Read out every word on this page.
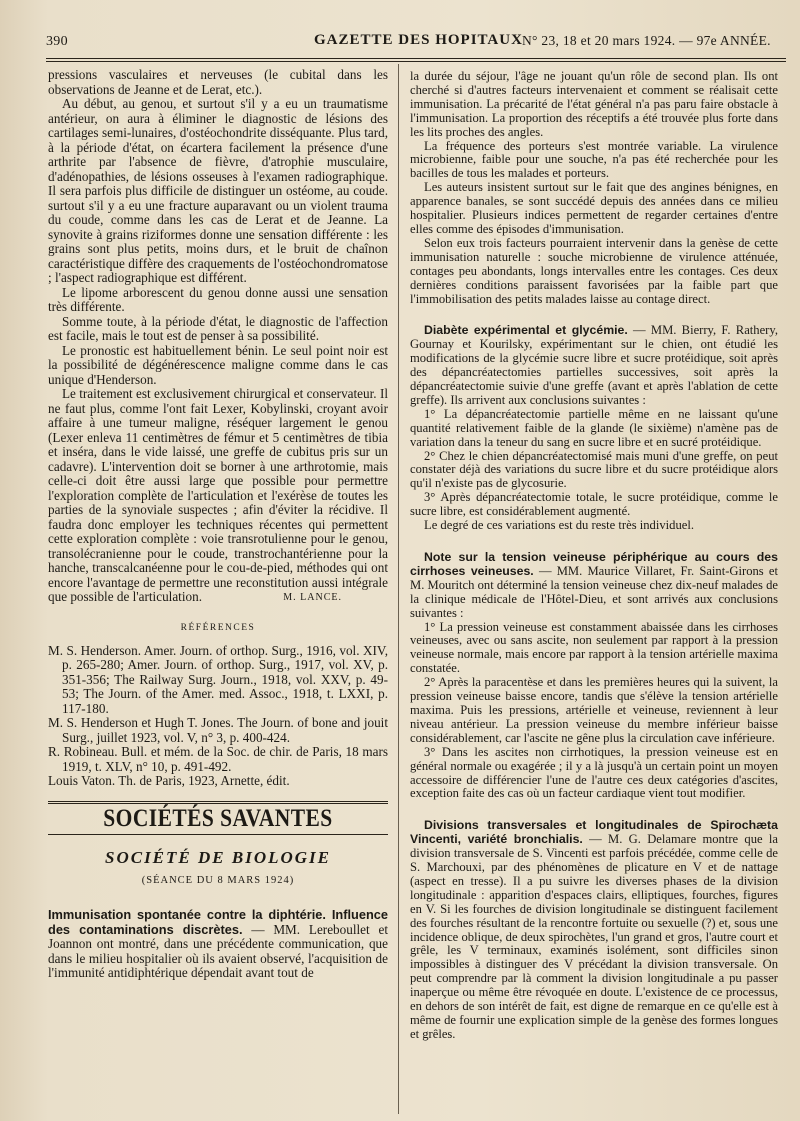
390	GAZETTE DES HOPITAUX N° 23, 18 et 20 mars 1924. — 97e ANNÉE.

pressions vasculaires et nerveuses (le cubital dans les observations de Jeanne et de Lerat, etc.).

Au début, au genou, et surtout s'il y a eu un traumatisme antérieur, on aura à éliminer le diagnostic de lésions des cartilages semi-lunaires, d'ostéochondrite disséquante. Plus tard, à la période d'état, on écartera facilement la présence d'une arthrite par l'absence de fièvre, d'atrophie musculaire, d'adénopathies, de lésions osseuses à l'examen radiographique. Il sera parfois plus difficile de distinguer un ostéome, au coude. surtout s'il y a eu une fracture auparavant ou un violent trauma du coude, comme dans les cas de Lerat et de Jeanne. La synovite à grains riziformes donne une sensation différente : les grains sont plus petits, moins durs, et le bruit de chaînon caractéristique diffère des craquements de l'ostéochondromatose ; l'aspect radiographique est différent.

Le lipome arborescent du genou donne aussi une sensation très différente.

Somme toute, à la période d'état, le diagnostic de l'affection est facile, mais le tout est de penser à sa possibilité.

Le pronostic est habituellement bénin. Le seul point noir est la possibilité de dégénérescence maligne comme dans le cas unique d'Henderson.

Le traitement est exclusivement chirurgical et conservateur. Il ne faut plus, comme l'ont fait Lexer, Kobylinski, croyant avoir affaire à une tumeur maligne, réséquer largement le genou (Lexer enleva 11 centimètres de fémur et 5 centimètres de tibia et inséra, dans le vide laissé, une greffe de cubitus pris sur un cadavre). L'intervention doit se borner à une arthrotomie, mais celle-ci doit être aussi large que possible pour permettre l'exploration complète de l'articulation et l'exérèse de toutes les parties de la synoviale suspectes ; afin d'éviter la récidive. Il faudra donc employer les techniques récentes qui permettent cette exploration complète : voie transrotulienne pour le genou, transolécranienne pour le coude, transtrochantérienne pour la hanche, transcalcanéenne pour le cou-de-pied, méthodes qui ont encore l'avantage de permettre une reconstitution aussi intégrale que possible de l'articulation.	M. LANCE.
RÉFÉRENCES

M. S. Henderson. Amer. Journ. of orthop. Surg., 1916, vol. XIV, p. 265-280; Amer. Journ. of orthop. Surg., 1917, vol. XV, p. 351-356; The Railway Surg. Journ., 1918, vol. XXV, p. 49-53; The Journ. of the Amer. med. Assoc., 1918, t. LXXI, p. 117-180.

M. S. Henderson et Hugh T. Jones. The Journ. of bone and jouit Surg., juillet 1923, vol. V, n° 3, p. 400-424.

R. Robineau. Bull. et mém. de la Soc. de chir. de Paris, 18 mars 1919, t. XLV, n° 10, p. 491-492.

Louis Vaton. Th. de Paris, 1923, Arnette, édit.

SOCIÉTÉS SAVANTES
SOCIÉTÉ DE BIOLOGIE
(SÉANCE DU 8 MARS 1924)

Immunisation spontanée contre la diphtérie. Influence des contaminations discrètes. — MM. Lereboullet et Joannon ont montré, dans une précédente communication, que dans le milieu hospitalier où ils avaient observé, l'acquisition de l'immunité antidiphtérique dépendait avant tout de

la durée du séjour, l'âge ne jouant qu'un rôle de second plan. Ils ont cherché si d'autres facteurs intervenaient et comment se réalisait cette immunisation. La précarité de l'état général n'a pas paru faire obstacle à l'immunisation. La proportion des réceptifs a été trouvée plus forte dans les lits proches des angles.

La fréquence des porteurs s'est montrée variable. La virulence microbienne, faible pour une souche, n'a pas été recherchée pour les bacilles de tous les malades et porteurs.

Les auteurs insistent surtout sur le fait que des angines bénignes, en apparence banales, se sont succédé depuis des années dans ce milieu hospitalier. Plusieurs indices permettent de regarder certaines d'entre elles comme des épisodes d'immunisation.

Selon eux trois facteurs pourraient intervenir dans la genèse de cette immunisation naturelle : souche microbienne de virulence atténuée, contages peu abondants, longs intervalles entre les contages. Ces deux dernières conditions paraissent favorisées par la faible part que l'immobilisation des petits malades laisse au contage direct.

Diabète expérimental et glycémie. — MM. Bierry, F. Rathery, Gournay et Kourilsky, expérimentant sur le chien, ont étudié les modifications de la glycémie sucre libre et sucre protéidique, soit après des dépancréatectomies partielles successives, soit après la dépancréatectomie suivie d'une greffe (avant et après l'ablation de cette greffe). Ils arrivent aux conclusions suivantes :

1° La dépancréatectomie partielle même en ne laissant qu'une quantité relativement faible de la glande (le sixième) n'amène pas de variation dans la teneur du sang en sucre libre et en sucré protéidique.

2° Chez le chien dépancréatectomisé mais muni d'une greffe, on peut constater déjà des variations du sucre libre et du sucre protéidique alors qu'il n'existe pas de glycosurie.

3° Après dépancréatectomie totale, le sucre protéidique, comme le sucre libre, est considérablement augmenté.

Le degré de ces variations est du reste très individuel.

Note sur la tension veineuse périphérique au cours des cirrhoses veineuses. — MM. Maurice Villaret, Fr. Saint-Girons et M. Mouritch ont déterminé la tension veineuse chez dix-neuf malades de la clinique médicale de l'Hôtel-Dieu, et sont arrivés aux conclusions suivantes :

1° La pression veineuse est constamment abaissée dans les cirrhoses veineuses, avec ou sans ascite, non seulement par rapport à la pression veineuse normale, mais encore par rapport à la tension artérielle maxima constatée.

2° Après la paracentèse et dans les premières heures qui la suivent, la pression veineuse baisse encore, tandis que s'élève la tension artérielle maxima. Puis les pressions, artérielle et veineuse, reviennent à leur niveau antérieur. La pression veineuse du membre inférieur baisse considérablement, car l'ascite ne gêne plus la circulation cave inférieure.

3° Dans les ascites non cirrhotiques, la pression veineuse est en général normale ou exagérée ; il y a là jusqu'à un certain point un moyen accessoire de différencier l'une de l'autre ces deux catégories d'ascites, exception faite des cas où un facteur cardiaque vient tout modifier.

Divisions transversales et longitudinales de Spirochæta Vincenti, variété bronchialis. — M. G. Delamare montre que la division transversale de S. Vincenti est parfois précédée, comme celle de S. Marchouxi, par des phénomènes de plicature en V et de nattage (aspect en tresse). Il a pu suivre les diverses phases de la division longitudinale : apparition d'espaces clairs, elliptiques, fourches, figures en V. Si les fourches de division longitudinale se distinguent facilement des fourches résultant de la rencontre fortuite ou sexuelle (?) et, sous une incidence oblique, de deux spirochètes, l'un grand et gros, l'autre court et grêle, les V terminaux, examinés isolément, sont difficiles sinon impossibles à distinguer des V précédant la division transversale. On peut comprendre par là comment la division longitudinale a pu passer inaperçue ou même être révoquée en doute. L'existence de ce processus, en dehors de son intérêt de fait, est digne de remarque en ce qu'elle est à même de fournir une explication simple de la genèse des formes longues et grêles.
